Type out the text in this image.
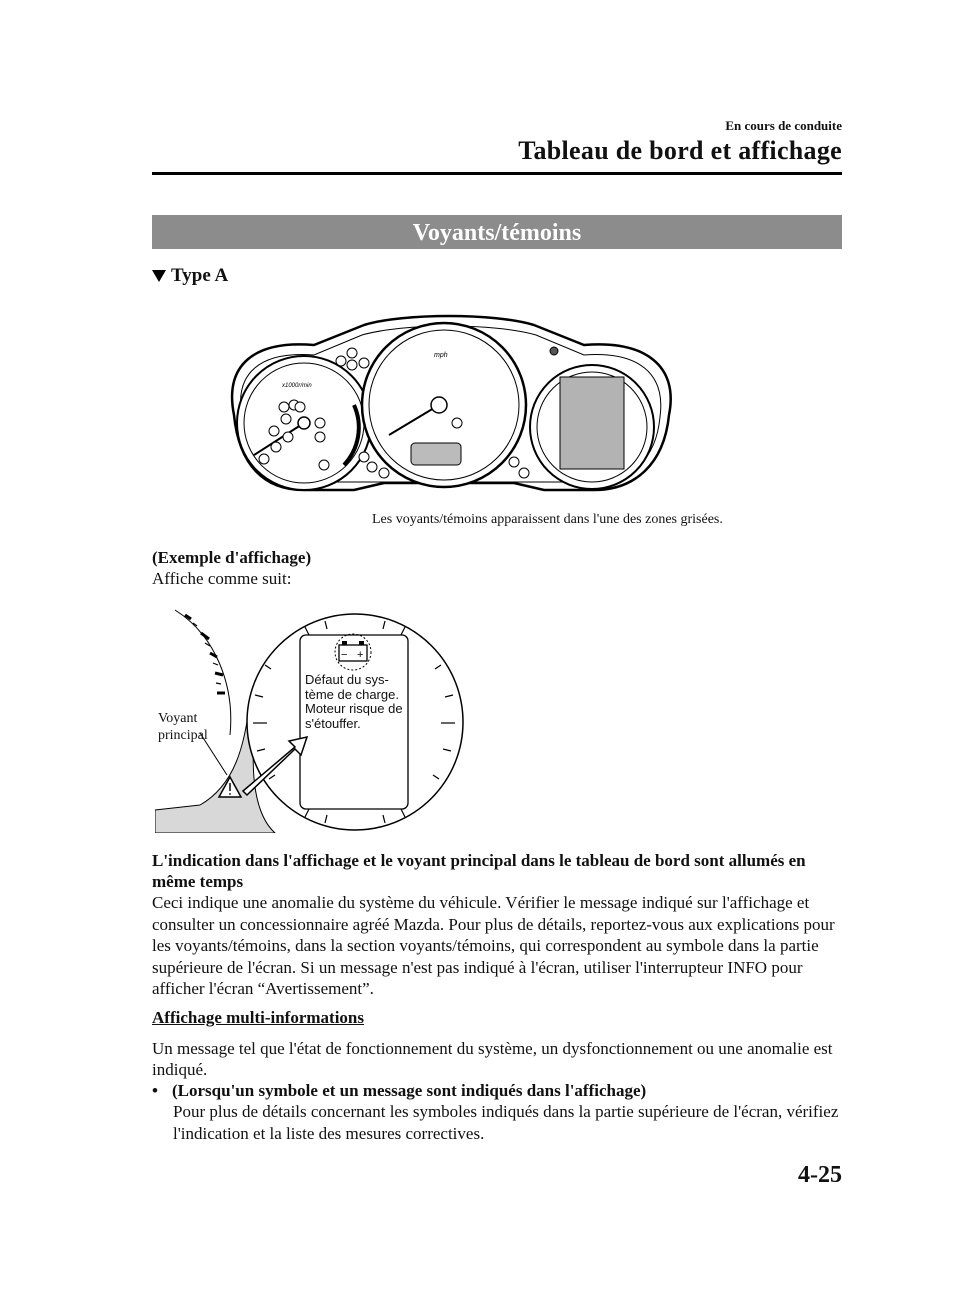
En cours de conduite
Tableau de bord et affichage
Voyants/témoins
Type A
x1000r/min
mph
Les voyants/témoins apparaissent dans l'une des zones grisées.
(Exemple d'affichage)
Affiche comme suit:
− +
Défaut du sys-
tème de charge.
Moteur risque de
s'étouffer.
Voyant
principal
L'indication dans l'affichage et le voyant principal dans le tableau de bord sont allumés en même temps
Ceci indique une anomalie du système du véhicule. Vérifier le message indiqué sur l'affichage et consulter un concessionnaire agréé Mazda. Pour plus de détails, reportez-vous aux explications pour les voyants/témoins, dans la section voyants/témoins, qui correspondent au symbole dans la partie supérieure de l'écran. Si un message n'est pas indiqué à l'écran, utiliser l'interrupteur INFO pour afficher l'écran “Avertissement”.
Affichage multi-informations
Un message tel que l'état de fonctionnement du système, un dysfonctionnement ou une anomalie est indiqué.
• (Lorsqu'un symbole et un message sont indiqués dans l'affichage)
Pour plus de détails concernant les symboles indiqués dans la partie supérieure de l'écran, vérifiez l'indication et la liste des mesures correctives.
4-25
